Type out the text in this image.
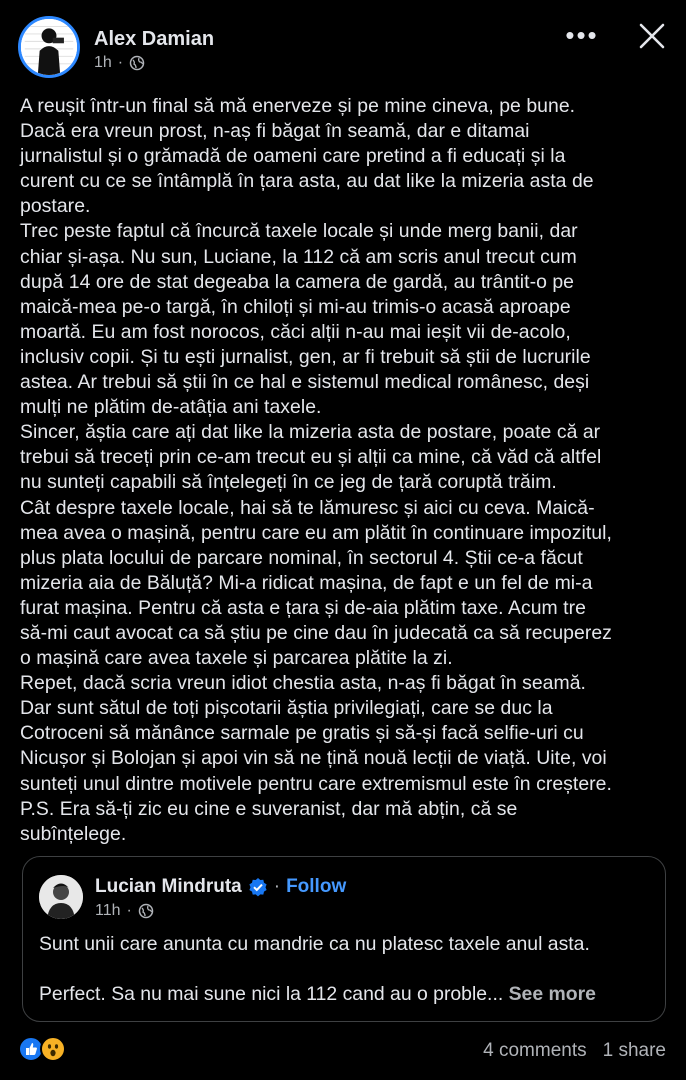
Alex Damian
1h ·
•••
A reușit într-un final să mă enerveze și pe mine cineva, pe bune.
Dacă era vreun prost, n-aș fi băgat în seamă, dar e ditamai
jurnalistul și o grămadă de oameni care pretind a fi educați și la
curent cu ce se întâmplă în țara asta, au dat like la mizeria asta de
postare.
Trec peste faptul că încurcă taxele locale și unde merg banii, dar
chiar și-așa. Nu sun, Luciane, la 112 că am scris anul trecut cum
după 14 ore de stat degeaba la camera de gardă, au trântit-o pe
maică-mea pe-o targă, în chiloți și mi-au trimis-o acasă aproape
moartă. Eu am fost norocos, căci alții n-au mai ieșit vii de-acolo,
inclusiv copii. Și tu ești jurnalist, gen, ar fi trebuit să știi de lucrurile
astea. Ar trebui să știi în ce hal e sistemul medical românesc, deși
mulți ne plătim de-atâția ani taxele.
Sincer, ăștia care ați dat like la mizeria asta de postare, poate că ar
trebui să treceți prin ce-am trecut eu și alții ca mine, că văd că altfel
nu sunteți capabili să înțelegeți în ce jeg de țară coruptă trăim.
Cât despre taxele locale, hai să te lămuresc și aici cu ceva. Maică-
mea avea o mașină, pentru care eu am plătit în continuare impozitul,
plus plata locului de parcare nominal, în sectorul 4. Știi ce-a făcut
mizeria aia de Băluță? Mi-a ridicat mașina, de fapt e un fel de mi-a
furat mașina. Pentru că asta e țara și de-aia plătim taxe. Acum tre
să-mi caut avocat ca să știu pe cine dau în judecată ca să recuperez
o mașină care avea taxele și parcarea plătite la zi.
Repet, dacă scria vreun idiot chestia asta, n-aș fi băgat în seamă.
Dar sunt sătul de toți pișcotarii ăștia privilegiați, care se duc la
Cotroceni să mănânce sarmale pe gratis și să-și facă selfie-uri cu
Nicușor și Bolojan și apoi vin să ne țină nouă lecții de viață. Uite, voi
sunteți unul dintre motivele pentru care extremismul este în creștere.
P.S. Era să-ți zic eu cine e suveranist, dar mă abțin, că se
subînțelege.
Lucian Mindruta · Follow
11h ·
Sunt unii care anunta cu mandrie ca nu platesc taxele anul asta.
Perfect. Sa nu mai sune nici la 112 cand au o proble... See more
4 comments 1 share
